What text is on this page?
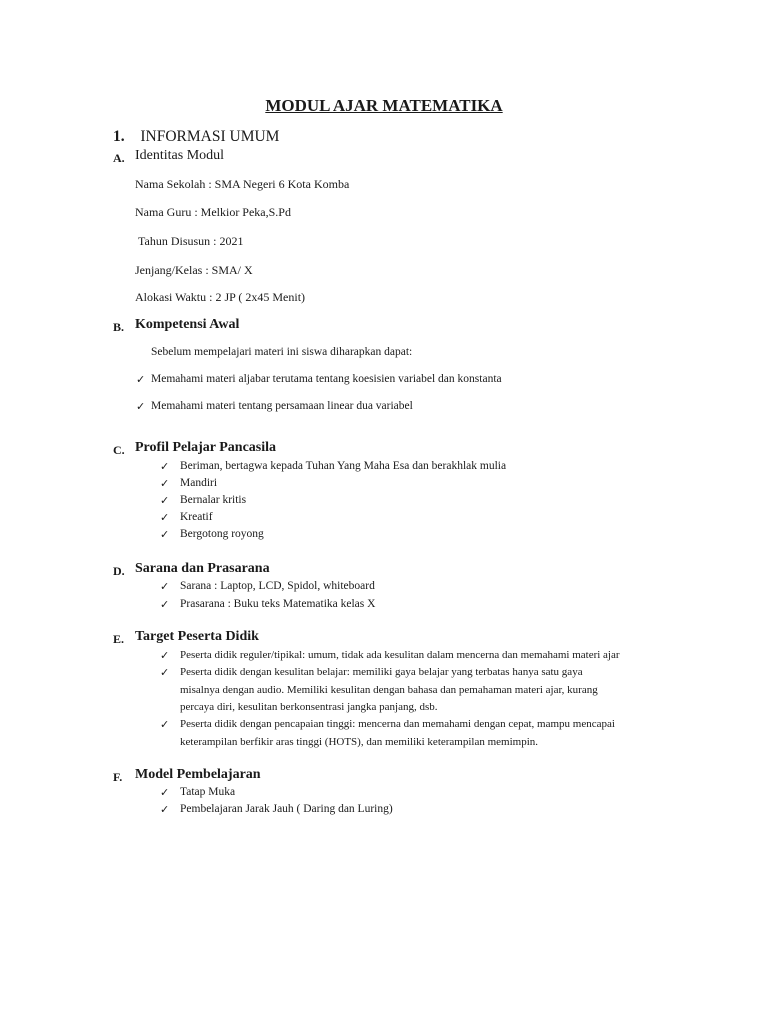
MODUL AJAR MATEMATIKA
1. INFORMASI UMUM
A. Identitas Modul
Nama Sekolah : SMA Negeri 6 Kota Komba
Nama Guru : Melkior Peka,S.Pd
Tahun Disusun : 2021
Jenjang/Kelas : SMA/ X
Alokasi Waktu : 2 JP ( 2x45 Menit)
B. Kompetensi Awal
Sebelum mempelajari materi ini siswa diharapkan dapat:
✓ Memahami materi aljabar terutama tentang koesisien variabel dan konstanta
✓ Memahami materi tentang persamaan linear dua variabel
C. Profil Pelajar Pancasila
✓ Beriman, bertagwa kepada Tuhan Yang Maha Esa dan berakhlak mulia
✓ Mandiri
✓ Bernalar kritis
✓ Kreatif
✓ Bergotong royong
D. Sarana dan Prasarana
✓ Sarana : Laptop, LCD, Spidol, whiteboard
✓ Prasarana : Buku teks Matematika kelas X
E. Target Peserta Didik
✓ Peserta didik reguler/tipikal: umum, tidak ada kesulitan dalam mencerna dan memahami materi ajar
✓ Peserta didik dengan kesulitan belajar: memiliki gaya belajar yang terbatas hanya satu gaya
misalnya dengan audio. Memiliki kesulitan dengan bahasa dan pemahaman materi ajar, kurang
percaya diri, kesulitan berkonsentrasi jangka panjang, dsb.
✓ Peserta didik dengan pencapaian tinggi: mencerna dan memahami dengan cepat, mampu mencapai
keterampilan berfikir aras tinggi (HOTS), dan memiliki keterampilan memimpin.
F. Model Pembelajaran
✓ Tatap Muka
✓ Pembelajaran Jarak Jauh ( Daring dan Luring)
